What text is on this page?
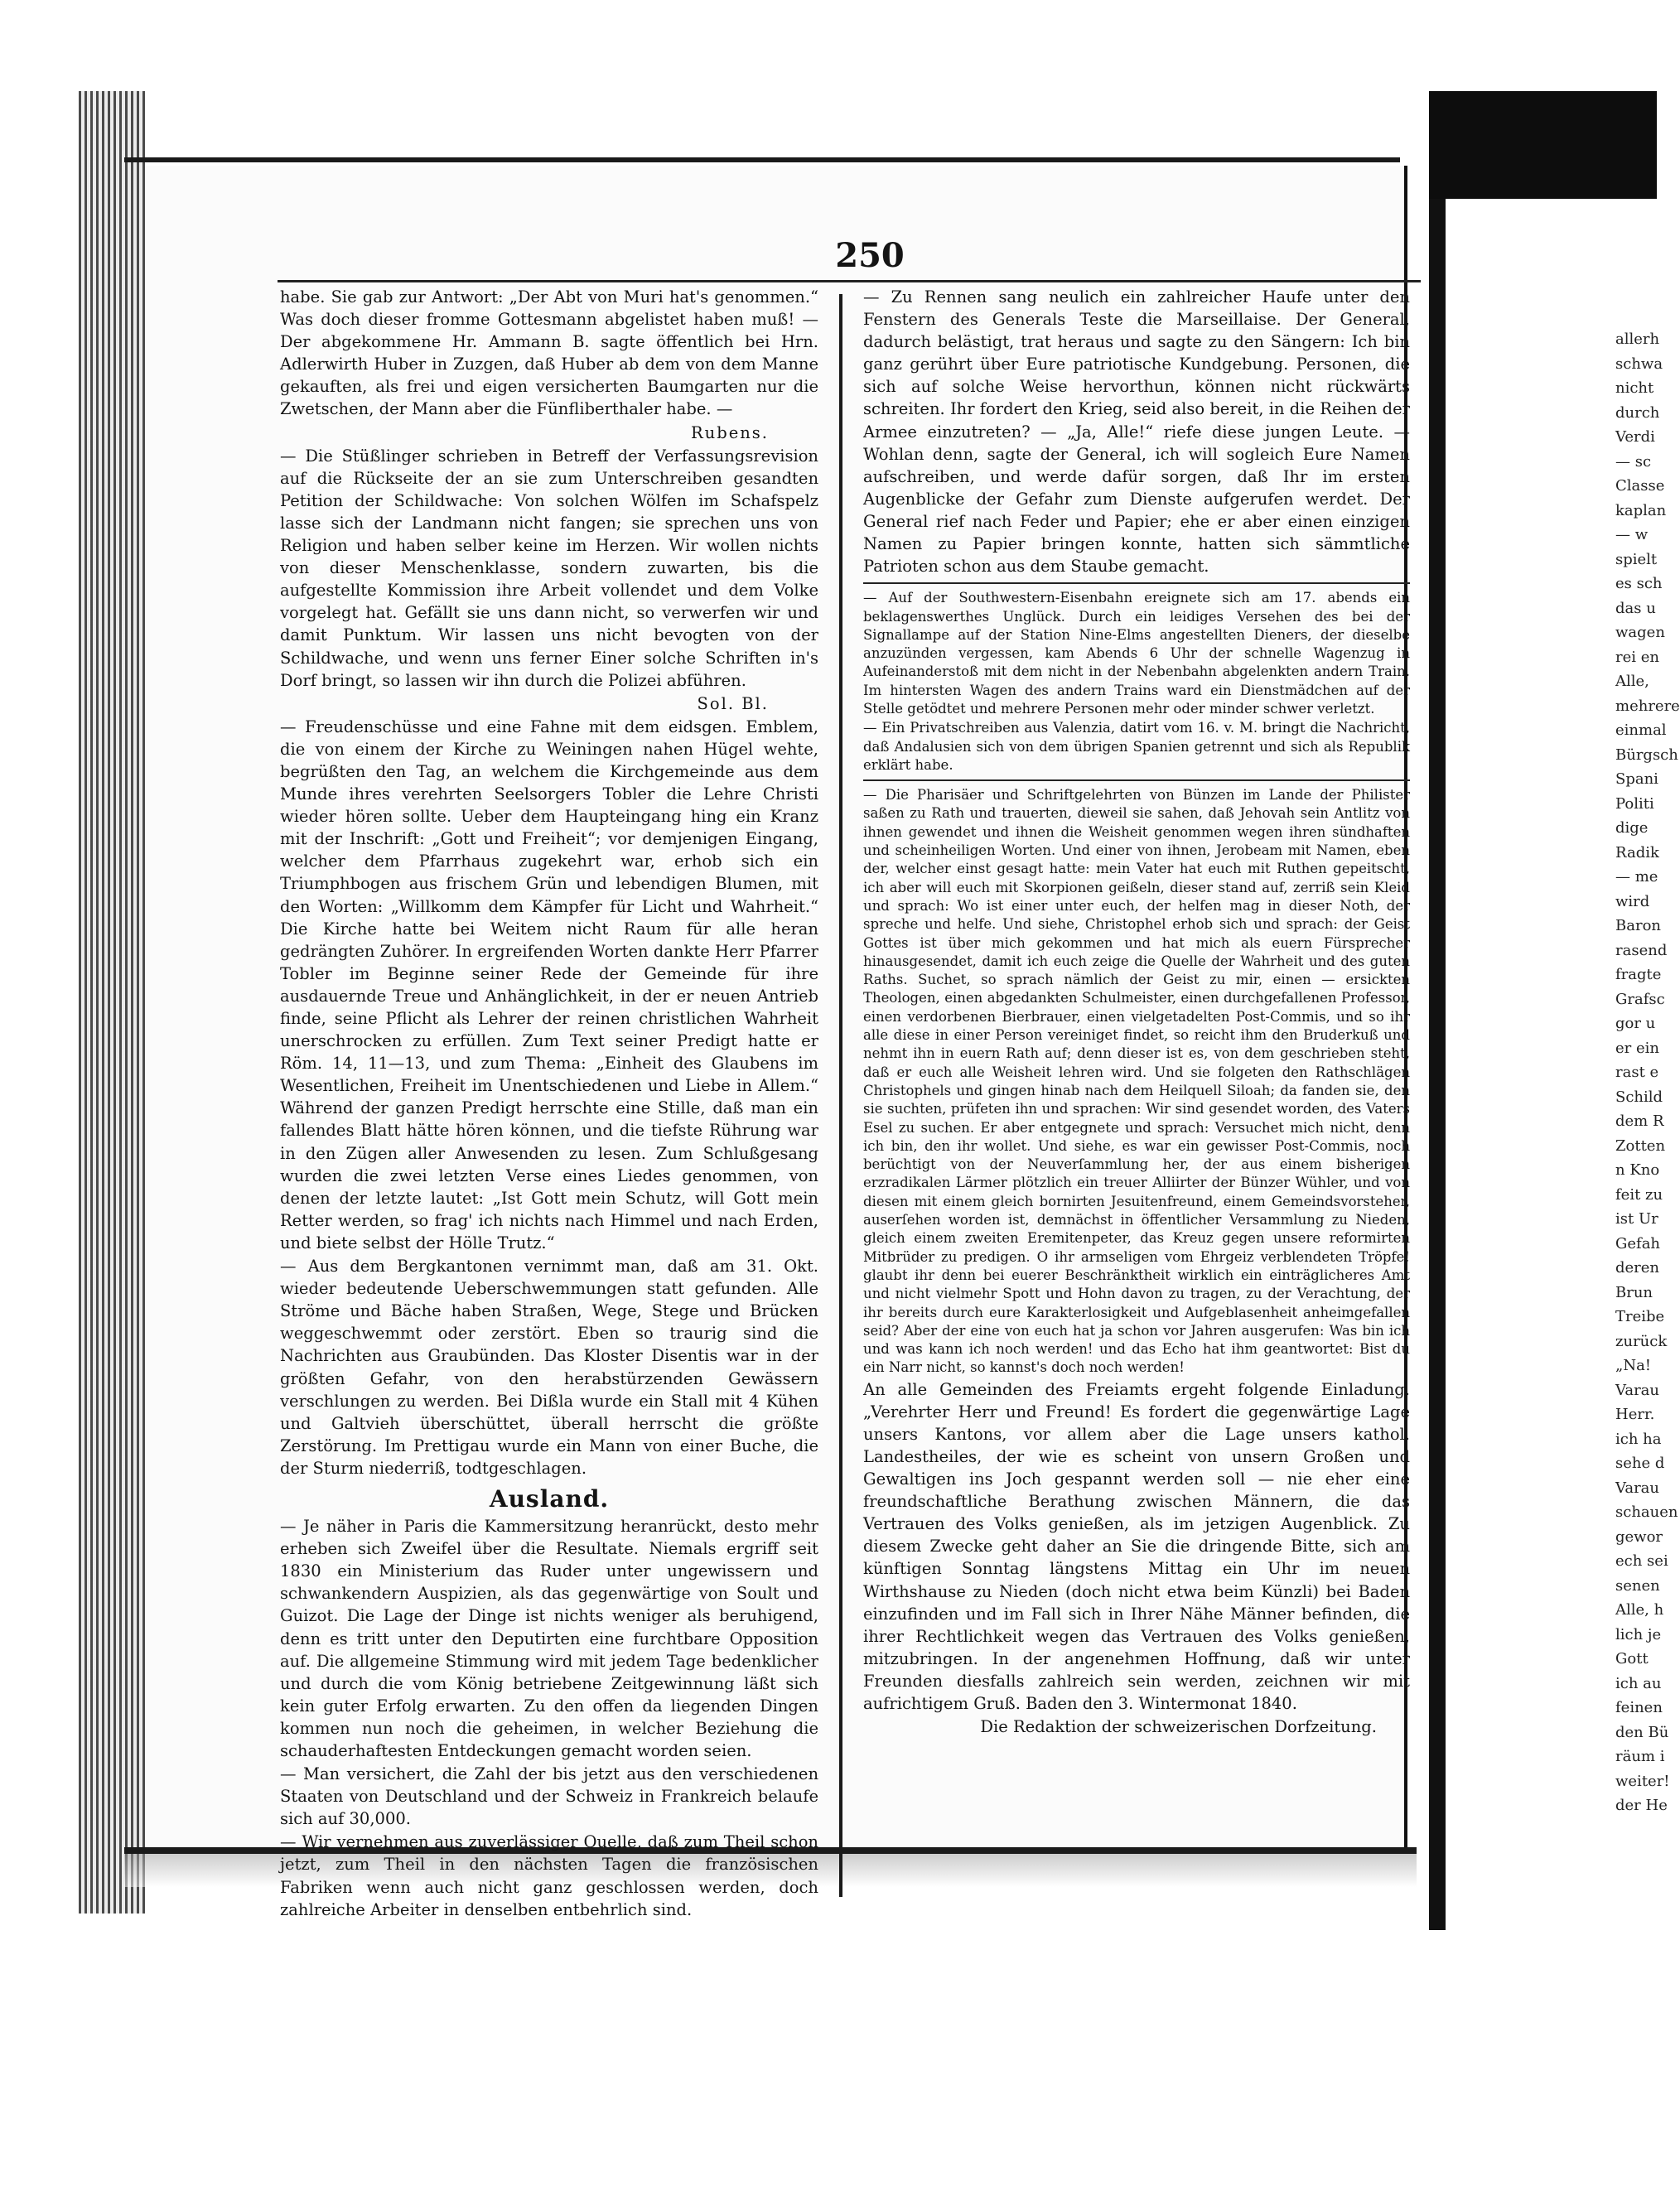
250

habe. Sie gab zur Antwort: „Der Abt von Muri hat's genommen.“ Was doch dieser fromme Gottesmann abgelistet haben muß! — Der abgekommene Hr. Ammann B. sagte öffentlich bei Hrn. Adlerwirth Huber in Zuzgen, daß Huber ab dem von dem Manne gekauften, als frei und eigen versicherten Baumgarten nur die Zwetschen, der Mann aber die Fünfliberthaler habe. —

Rubens.

— Die Stüßlinger schrieben in Betreff der Verfassungsrevision auf die Rückseite der an sie zum Unterschreiben gesandten Petition der Schildwache: Von solchen Wölfen im Schafspelz lasse sich der Landmann nicht fangen; sie sprechen uns von Religion und haben selber keine im Herzen. Wir wollen nichts von dieser Menschenklasse, sondern zuwarten, bis die aufgestellte Kommission ihre Arbeit vollendet und dem Volke vorgelegt hat. Gefällt sie uns dann nicht, so verwerfen wir und damit Punktum. Wir lassen uns nicht bevogten von der Schildwache, und wenn uns ferner Einer solche Schriften in's Dorf bringt, so lassen wir ihn durch die Polizei abführen.

Sol. Bl.

— Freudenschüsse und eine Fahne mit dem eidsgen. Emblem, die von einem der Kirche zu Weiningen nahen Hügel wehte, begrüßten den Tag, an welchem die Kirchgemeinde aus dem Munde ihres verehrten Seelsorgers Tobler die Lehre Christi wieder hören sollte. Ueber dem Haupteingang hing ein Kranz mit der Inschrift: „Gott und Freiheit“; vor demjenigen Eingang, welcher dem Pfarrhaus zugekehrt war, erhob sich ein Triumphbogen aus frischem Grün und lebendigen Blumen, mit den Worten: „Willkomm dem Kämpfer für Licht und Wahrheit.“ Die Kirche hatte bei Weitem nicht Raum für alle heran gedrängten Zuhörer. In ergreifenden Worten dankte Herr Pfarrer Tobler im Beginne seiner Rede der Gemeinde für ihre ausdauernde Treue und Anhänglichkeit, in der er neuen Antrieb finde, seine Pflicht als Lehrer der reinen christlichen Wahrheit unerschrocken zu erfüllen. Zum Text seiner Predigt hatte er Röm. 14, 11—13, und zum Thema: „Einheit des Glaubens im Wesentlichen, Freiheit im Unentschiedenen und Liebe in Allem.“ Während der ganzen Predigt herrschte eine Stille, daß man ein fallendes Blatt hätte hören können, und die tiefste Rührung war in den Zügen aller Anwesenden zu lesen. Zum Schlußgesang wurden die zwei letzten Verse eines Liedes genommen, von denen der letzte lautet: „Ist Gott mein Schutz, will Gott mein Retter werden, so frag' ich nichts nach Himmel und nach Erden, und biete selbst der Hölle Trutz.“

— Aus dem Bergkantonen vernimmt man, daß am 31. Okt. wieder bedeutende Ueberschwemmungen statt gefunden. Alle Ströme und Bäche haben Straßen, Wege, Stege und Brücken weggeschwemmt oder zerstört. Eben so traurig sind die Nachrichten aus Graubünden. Das Kloster Disentis war in der größten Gefahr, von den herabstürzenden Gewässern verschlungen zu werden. Bei Dißla wurde ein Stall mit 4 Kühen und Galtvieh überschüttet, überall herrscht die größte Zerstörung. Im Prettigau wurde ein Mann von einer Buche, die der Sturm niederriß, todtgeschlagen.

Ausland.

— Je näher in Paris die Kammersitzung heranrückt, desto mehr erheben sich Zweifel über die Resultate. Niemals ergriff seit 1830 ein Ministerium das Ruder unter ungewissern und schwankendern Auspizien, als das gegenwärtige von Soult und Guizot. Die Lage der Dinge ist nichts weniger als beruhigend, denn es tritt unter den Deputirten eine furchtbare Opposition auf. Die allgemeine Stimmung wird mit jedem Tage bedenklicher und durch die vom König betriebene Zeitgewinnung läßt sich kein guter Erfolg erwarten. Zu den offen da liegenden Dingen kommen nun noch die geheimen, in welcher Beziehung die schauderhaftesten Entdeckungen gemacht worden seien.

— Man versichert, die Zahl der bis jetzt aus den verschiedenen Staaten von Deutschland und der Schweiz in Frankreich belaufe sich auf 30,000.

— Wir vernehmen aus zuverlässiger Quelle, daß zum Theil schon jetzt, zum Theil in den nächsten Tagen die französischen Fabriken wenn auch nicht ganz geschlossen werden, doch zahlreiche Arbeiter in denselben entbehrlich sind.

— Zu Rennen sang neulich ein zahlreicher Haufe unter den Fenstern des Generals Teste die Marseillaise. Der General, dadurch belästigt, trat heraus und sagte zu den Sängern: Ich bin ganz gerührt über Eure patriotische Kundgebung. Personen, die sich auf solche Weise hervorthun, können nicht rückwärts schreiten. Ihr fordert den Krieg, seid also bereit, in die Reihen der Armee einzutreten? — „Ja, Alle!“ riefe diese jungen Leute. — Wohlan denn, sagte der General, ich will sogleich Eure Namen aufschreiben, und werde dafür sorgen, daß Ihr im ersten Augenblicke der Gefahr zum Dienste aufgerufen werdet. Der General rief nach Feder und Papier; ehe er aber einen einzigen Namen zu Papier bringen konnte, hatten sich sämmtliche Patrioten schon aus dem Staube gemacht.

— Auf der Southwestern-Eisenbahn ereignete sich am 17. abends ein beklagenswerthes Unglück. Durch ein leidiges Versehen des bei der Signallampe auf der Station Nine-Elms angestellten Dieners, der dieselbe anzuzünden vergessen, kam Abends 6 Uhr der schnelle Wagenzug in Aufeinanderstoß mit dem nicht in der Nebenbahn abgelenkten andern Train. Im hintersten Wagen des andern Trains ward ein Dienstmädchen auf der Stelle getödtet und mehrere Personen mehr oder minder schwer verletzt.

— Ein Privatschreiben aus Valenzia, datirt vom 16. v. M. bringt die Nachricht, daß Andalusien sich von dem übrigen Spanien getrennt und sich als Republik erklärt habe.

— Die Pharisäer und Schriftgelehrten von Bünzen im Lande der Philister saßen zu Rath und trauerten, dieweil sie sahen, daß Jehovah sein Antlitz von ihnen gewendet und ihnen die Weisheit genommen wegen ihren sündhaften und scheinheiligen Worten. Und einer von ihnen, Jerobeam mit Namen, eben der, welcher einst gesagt hatte: mein Vater hat euch mit Ruthen gepeitscht, ich aber will euch mit Skorpionen geißeln, dieser stand auf, zerriß sein Kleid und sprach: Wo ist einer unter euch, der helfen mag in dieser Noth, der spreche und helfe. Und siehe, Christophel erhob sich und sprach: der Geist Gottes ist über mich gekommen und hat mich als euern Fürsprecher hinausgesendet, damit ich euch zeige die Quelle der Wahrheit und des guten Raths. Suchet, so sprach nämlich der Geist zu mir, einen — ersickten Theologen, einen abgedankten Schulmeister, einen durchgefallenen Professor, einen verdorbenen Bierbrauer, einen vielgetadelten Post-Commis, und so ihr alle diese in einer Person vereiniget findet, so reicht ihm den Bruderkuß und nehmt ihn in euern Rath auf; denn dieser ist es, von dem geschrieben steht, daß er euch alle Weisheit lehren wird. Und sie folgeten den Rathschlägen Christophels und gingen hinab nach dem Heilquell Siloah; da fanden sie, den sie suchten, prüfeten ihn und sprachen: Wir sind gesendet worden, des Vaters Esel zu suchen. Er aber entgegnete und sprach: Versuchet mich nicht, denn ich bin, den ihr wollet. Und siehe, es war ein gewisser Post-Commis, noch berüchtigt von der Neuverſammlung her, der aus einem bisherigen erzradikalen Lärmer plötzlich ein treuer Alliirter der Bünzer Wühler, und von diesen mit einem gleich bornirten Jesuitenfreund, einem Gemeindsvorsteher, auserſehen worden ist, demnächst in öffentlicher Versammlung zu Nieden, gleich einem zweiten Eremitenpeter, das Kreuz gegen unsere reformirten Mitbrüder zu predigen. O ihr armseligen vom Ehrgeiz verblendeten Tröpfe! glaubt ihr denn bei euerer Beschränktheit wirklich ein einträglicheres Amt und nicht vielmehr Spott und Hohn davon zu tragen, zu der Verachtung, der ihr bereits durch eure Karakterlosigkeit und Aufgeblasenheit anheimgefallen seid? Aber der eine von euch hat ja schon vor Jahren ausgerufen: Was bin ich und was kann ich noch werden! und das Echo hat ihm geantwortet: Bist du ein Narr nicht, so kannst's doch noch werden!

An alle Gemeinden des Freiamts ergeht folgende Einladung. „Verehrter Herr und Freund! Es fordert die gegenwärtige Lage unsers Kantons, vor allem aber die Lage unsers kathol. Landestheiles, der wie es scheint von unsern Großen und Gewaltigen ins Joch gespannt werden soll — nie eher eine freundschaftliche Berathung zwischen Männern, die das Vertrauen des Volks genießen, als im jetzigen Augenblick. Zu diesem Zwecke geht daher an Sie die dringende Bitte, sich am künftigen Sonntag längstens Mittag ein Uhr im neuen Wirthshause zu Nieden (doch nicht etwa beim Künzli) bei Baden einzufinden und im Fall sich in Ihrer Nähe Männer befinden, die ihrer Rechtlichkeit wegen das Vertrauen des Volks genießen, mitzubringen. In der angenehmen Hoffnung, daß wir unter Freunden diesfalls zahlreich sein werden, zeichnen wir mit aufrichtigem Gruß. Baden den 3. Wintermonat 1840.

Die Redaktion der schweizerischen Dorfzeitung.

allerh
schwa
nicht
durch
Verdi
— sc
Classe
kaplan
— w
spielt
es sch
das u
wagen
rei en
Alle,
mehrere
einmal
Bürgsch
Spani
Politi
dige
Radik
— me
wird
Baron
rasend
fragte
Grafsc
gor u
er ein
rast e
Schild
dem R
Zotten
n Kno
feit zu
ist Ur
Gefah
deren
Brun
Treibe
zurück
„Na!
Varau
Herr.
ich ha
sehe d
Varau
schauen
gewor
ech sei
senen
Alle, h
lich je
Gott
ich au
feinen
den Bü
räum i
weiter!
der He
